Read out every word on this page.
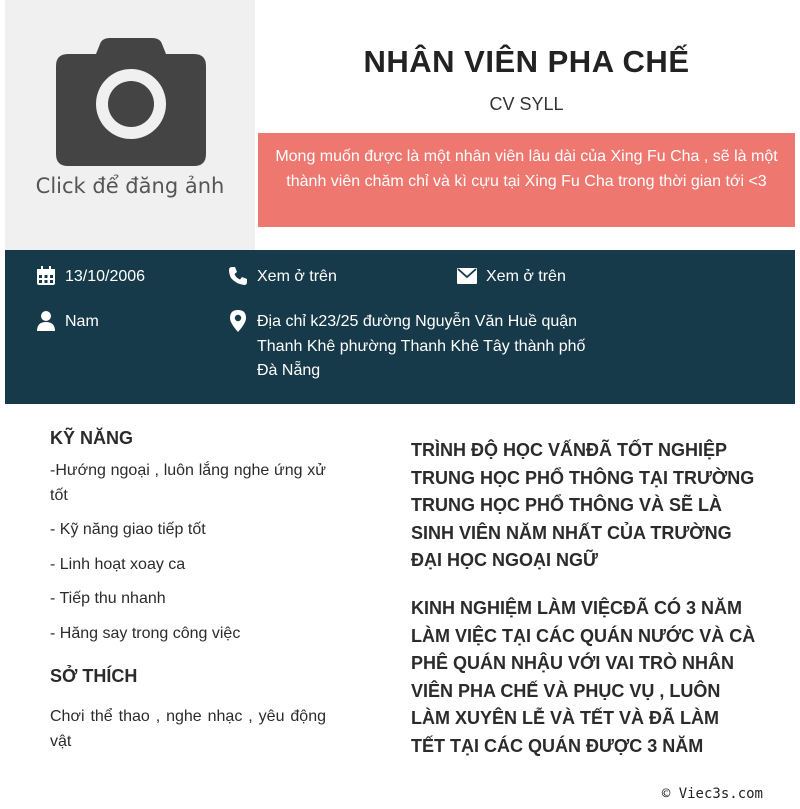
Click để đăng ảnh
NHÂN VIÊN PHA CHẾ
CV SYLL
Mong muốn được là một nhân viên lâu dài của Xing Fu Cha , sẽ là một thành viên chăm chỉ và kì cựu tại Xing Fu Cha trong thời gian tới <3
13/10/2006	Xem ở trên	Xem ở trên
Nam	Địa chỉ k23/25 đường Nguyễn Văn Huề quận Thanh Khê phường Thanh Khê Tây thành phố Đà Nẵng
KỸ NĂNG
-Hướng ngoại , luôn lắng nghe ứng xử tốt
- Kỹ năng giao tiếp tốt
- Linh hoạt xoay ca
- Tiếp thu nhanh
- Hăng say trong công việc
SỞ THÍCH
Chơi thể thao , nghe nhạc , yêu động vật
TRÌNH ĐỘ HỌC VẤNĐÃ TỐT NGHIỆP TRUNG HỌC PHỔ THÔNG TẠI TRƯỜNG TRUNG HỌC PHỔ THÔNG VÀ SẼ LÀ SINH VIÊN NĂM NHẤT CỦA TRƯỜNG ĐẠI HỌC NGOẠI NGỮ
KINH NGHIỆM LÀM VIỆCĐÃ CÓ 3 NĂM LÀM VIỆC TẠI CÁC QUÁN NƯỚC VÀ CÀ PHÊ QUÁN NHẬU VỚI VAI TRÒ NHÂN VIÊN PHA CHẾ VÀ PHỤC VỤ , LUÔN LÀM XUYÊN LỄ VÀ TẾT VÀ ĐÃ LÀM TẾT TẠI CÁC QUÁN ĐƯỢC 3 NĂM
© Viec3s.com
